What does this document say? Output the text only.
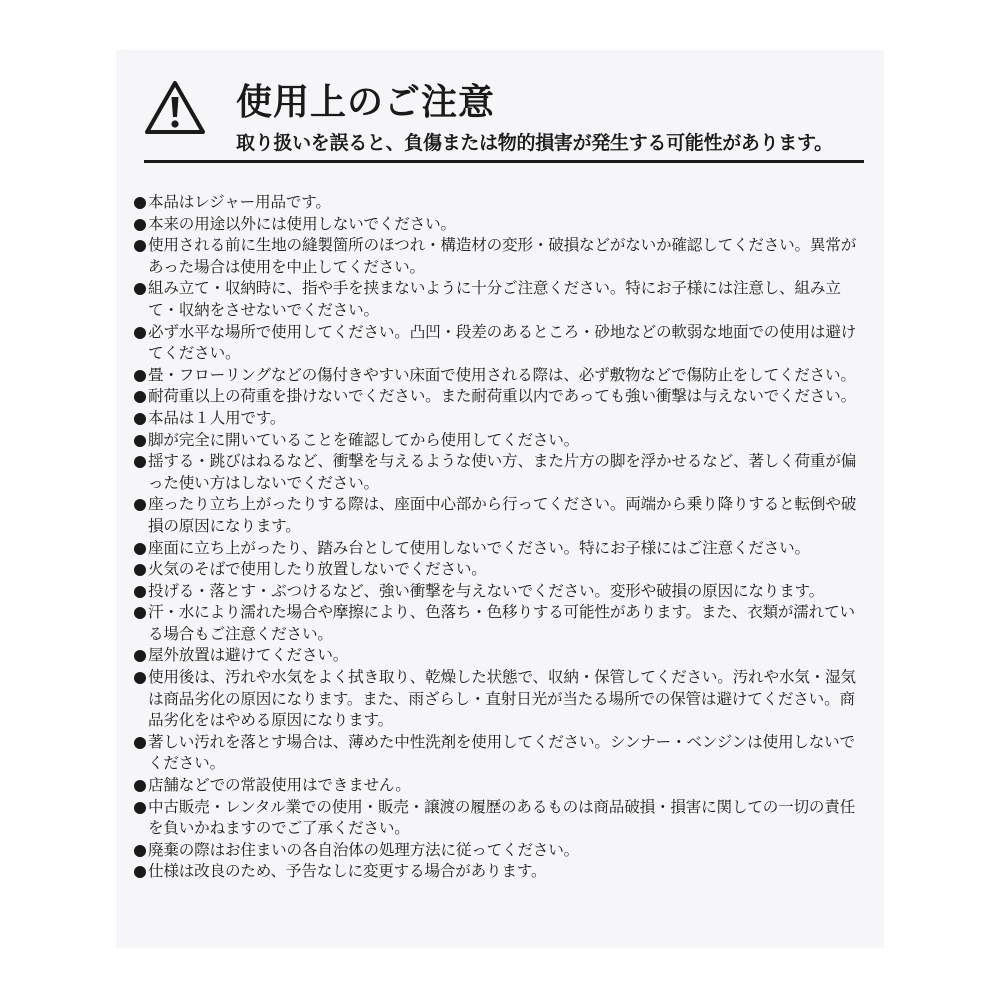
使用上のご注意
取り扱いを誤ると、負傷または物的損害が発生する可能性があります。
本品はレジャー用品です。
本来の用途以外には使用しないでください。
使用される前に生地の縫製箇所のほつれ・構造材の変形・破損などがないか確認してください。異常があった場合は使用を中止してください。
組み立て・収納時に、指や手を挟まないように十分ご注意ください。特にお子様には注意し、組み立て・収納をさせないでください。
必ず水平な場所で使用してください。凸凹・段差のあるところ・砂地などの軟弱な地面での使用は避けてください。
畳・フローリングなどの傷付きやすい床面で使用される際は、必ず敷物などで傷防止をしてください。
耐荷重以上の荷重を掛けないでください。また耐荷重以内であっても強い衝撃は与えないでください。
本品は１人用です。
脚が完全に開いていることを確認してから使用してください。
揺する・跳びはねるなど、衝撃を与えるような使い方、また片方の脚を浮かせるなど、著しく荷重が偏った使い方はしないでください。
座ったり立ち上がったりする際は、座面中心部から行ってください。両端から乗り降りすると転倒や破損の原因になります。
座面に立ち上がったり、踏み台として使用しないでください。特にお子様にはご注意ください。
火気のそばで使用したり放置しないでください。
投げる・落とす・ぶつけるなど、強い衝撃を与えないでください。変形や破損の原因になります。
汗・水により濡れた場合や摩擦により、色落ち・色移りする可能性があります。また、衣類が濡れている場合もご注意ください。
屋外放置は避けてください。
使用後は、汚れや水気をよく拭き取り、乾燥した状態で、収納・保管してください。汚れや水気・湿気は商品劣化の原因になります。また、雨ざらし・直射日光が当たる場所での保管は避けてください。商品劣化をはやめる原因になります。
著しい汚れを落とす場合は、薄めた中性洗剤を使用してください。シンナー・ベンジンは使用しないでください。
店舗などでの常設使用はできません。
中古販売・レンタル業での使用・販売・譲渡の履歴のあるものは商品破損・損害に関しての一切の責任を負いかねますのでご了承ください。
廃棄の際はお住まいの各自治体の処理方法に従ってください。
仕様は改良のため、予告なしに変更する場合があります。
